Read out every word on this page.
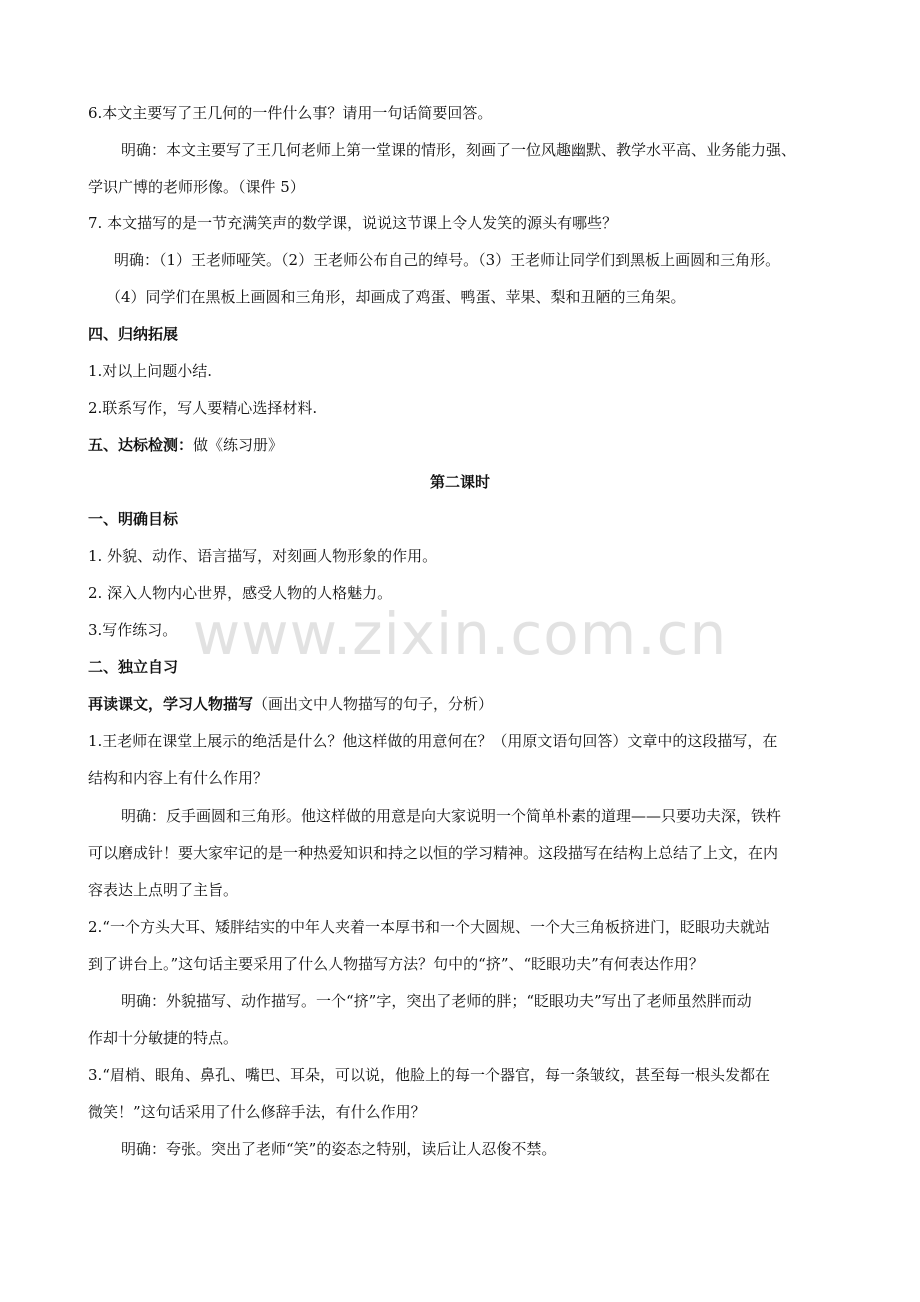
www.zixin.com.cn
6.本文主要写了王几何的一件什么事？请用一句话简要回答。
明确：本文主要写了王几何老师上第一堂课的情形，刻画了一位风趣幽默、教学水平高、业务能力强、
学识广博的老师形像。（课件 5）
7. 本文描写的是一节充满笑声的数学课，说说这节课上令人发笑的源头有哪些？
明确：（1）王老师哑笑。（2）王老师公布自己的绰号。（3）王老师让同学们到黑板上画圆和三角形。
（4）同学们在黑板上画圆和三角形，却画成了鸡蛋、鸭蛋、苹果、梨和丑陋的三角架。
四、归纳拓展
1.对以上问题小结.
2.联系写作，写人要精心选择材料.
五、达标检测：做《练习册》
第二课时
一、明确目标
1. 外貌、动作、语言描写，对刻画人物形象的作用。
2. 深入人物内心世界，感受人物的人格魅力。
3.写作练习。
二、独立自习
再读课文，学习人物描写（画出文中人物描写的句子，分析）
1.王老师在课堂上展示的绝活是什么？他这样做的用意何在？（用原文语句回答）文章中的这段描写，在
结构和内容上有什么作用？
明确：反手画圆和三角形。他这样做的用意是向大家说明一个简单朴素的道理——只要功夫深，铁杵
可以磨成针！要大家牢记的是一种热爱知识和持之以恒的学习精神。这段描写在结构上总结了上文，在内
容表达上点明了主旨。
2.“一个方头大耳、矮胖结实的中年人夹着一本厚书和一个大圆规、一个大三角板挤进门，眨眼功夫就站
到了讲台上。”这句话主要采用了什么人物描写方法？句中的“挤”、“眨眼功夫”有何表达作用？
明确：外貌描写、动作描写。一个“挤”字，突出了老师的胖；“眨眼功夫”写出了老师虽然胖而动
作却十分敏捷的特点。
3.“眉梢、眼角、鼻孔、嘴巴、耳朵，可以说，他脸上的每一个器官，每一条皱纹，甚至每一根头发都在
微笑！”这句话采用了什么修辞手法，有什么作用？
明确：夸张。突出了老师“笑”的姿态之特别，读后让人忍俊不禁。
